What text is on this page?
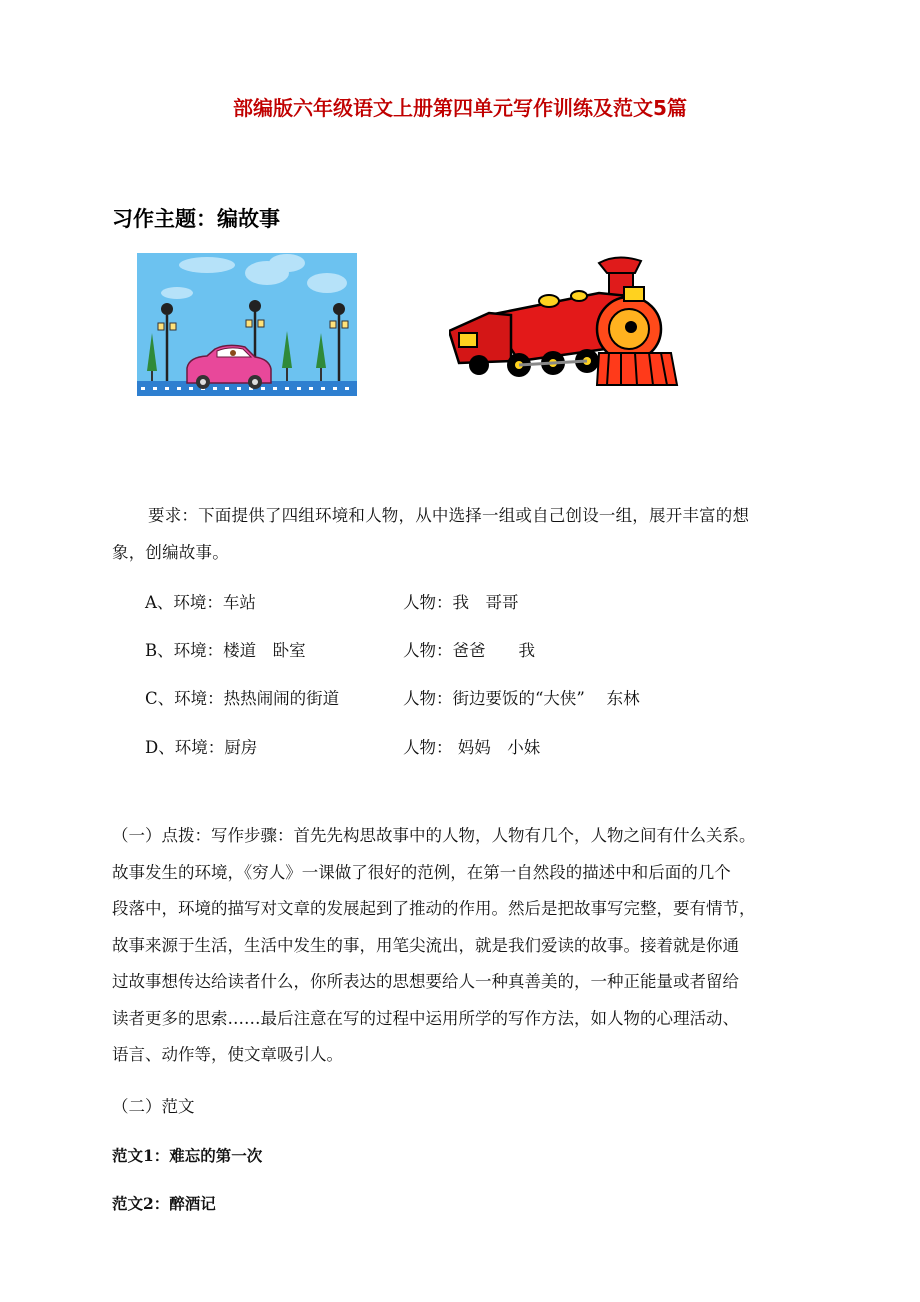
部编版六年级语文上册第四单元写作训练及范文5篇
习作主题：编故事
要求：下面提供了四组环境和人物，从中选择一组或自己创设一组，展开丰富的想
象，创编故事。
A、环境：车站	人物：我　哥哥
B、环境：楼道　卧室	人物：爸爸　　我
C、环境：热热闹闹的街道	人物：街边要饭的“大侠”　 东林
D、环境：厨房	人物： 妈妈　小妹
（一）点拨：写作步骤：首先先构思故事中的人物，人物有几个，人物之间有什么关系。
故事发生的环境，《穷人》一课做了很好的范例，在第一自然段的描述中和后面的几个
段落中，环境的描写对文章的发展起到了推动的作用。然后是把故事写完整，要有情节，
故事来源于生活，生活中发生的事，用笔尖流出，就是我们爱读的故事。接着就是你通
过故事想传达给读者什么，你所表达的思想要给人一种真善美的，一种正能量或者留给
读者更多的思索……最后注意在写的过程中运用所学的写作方法，如人物的心理活动、
语言、动作等，使文章吸引人。
（二）范文
范文1：难忘的第一次
范文2：醉酒记
